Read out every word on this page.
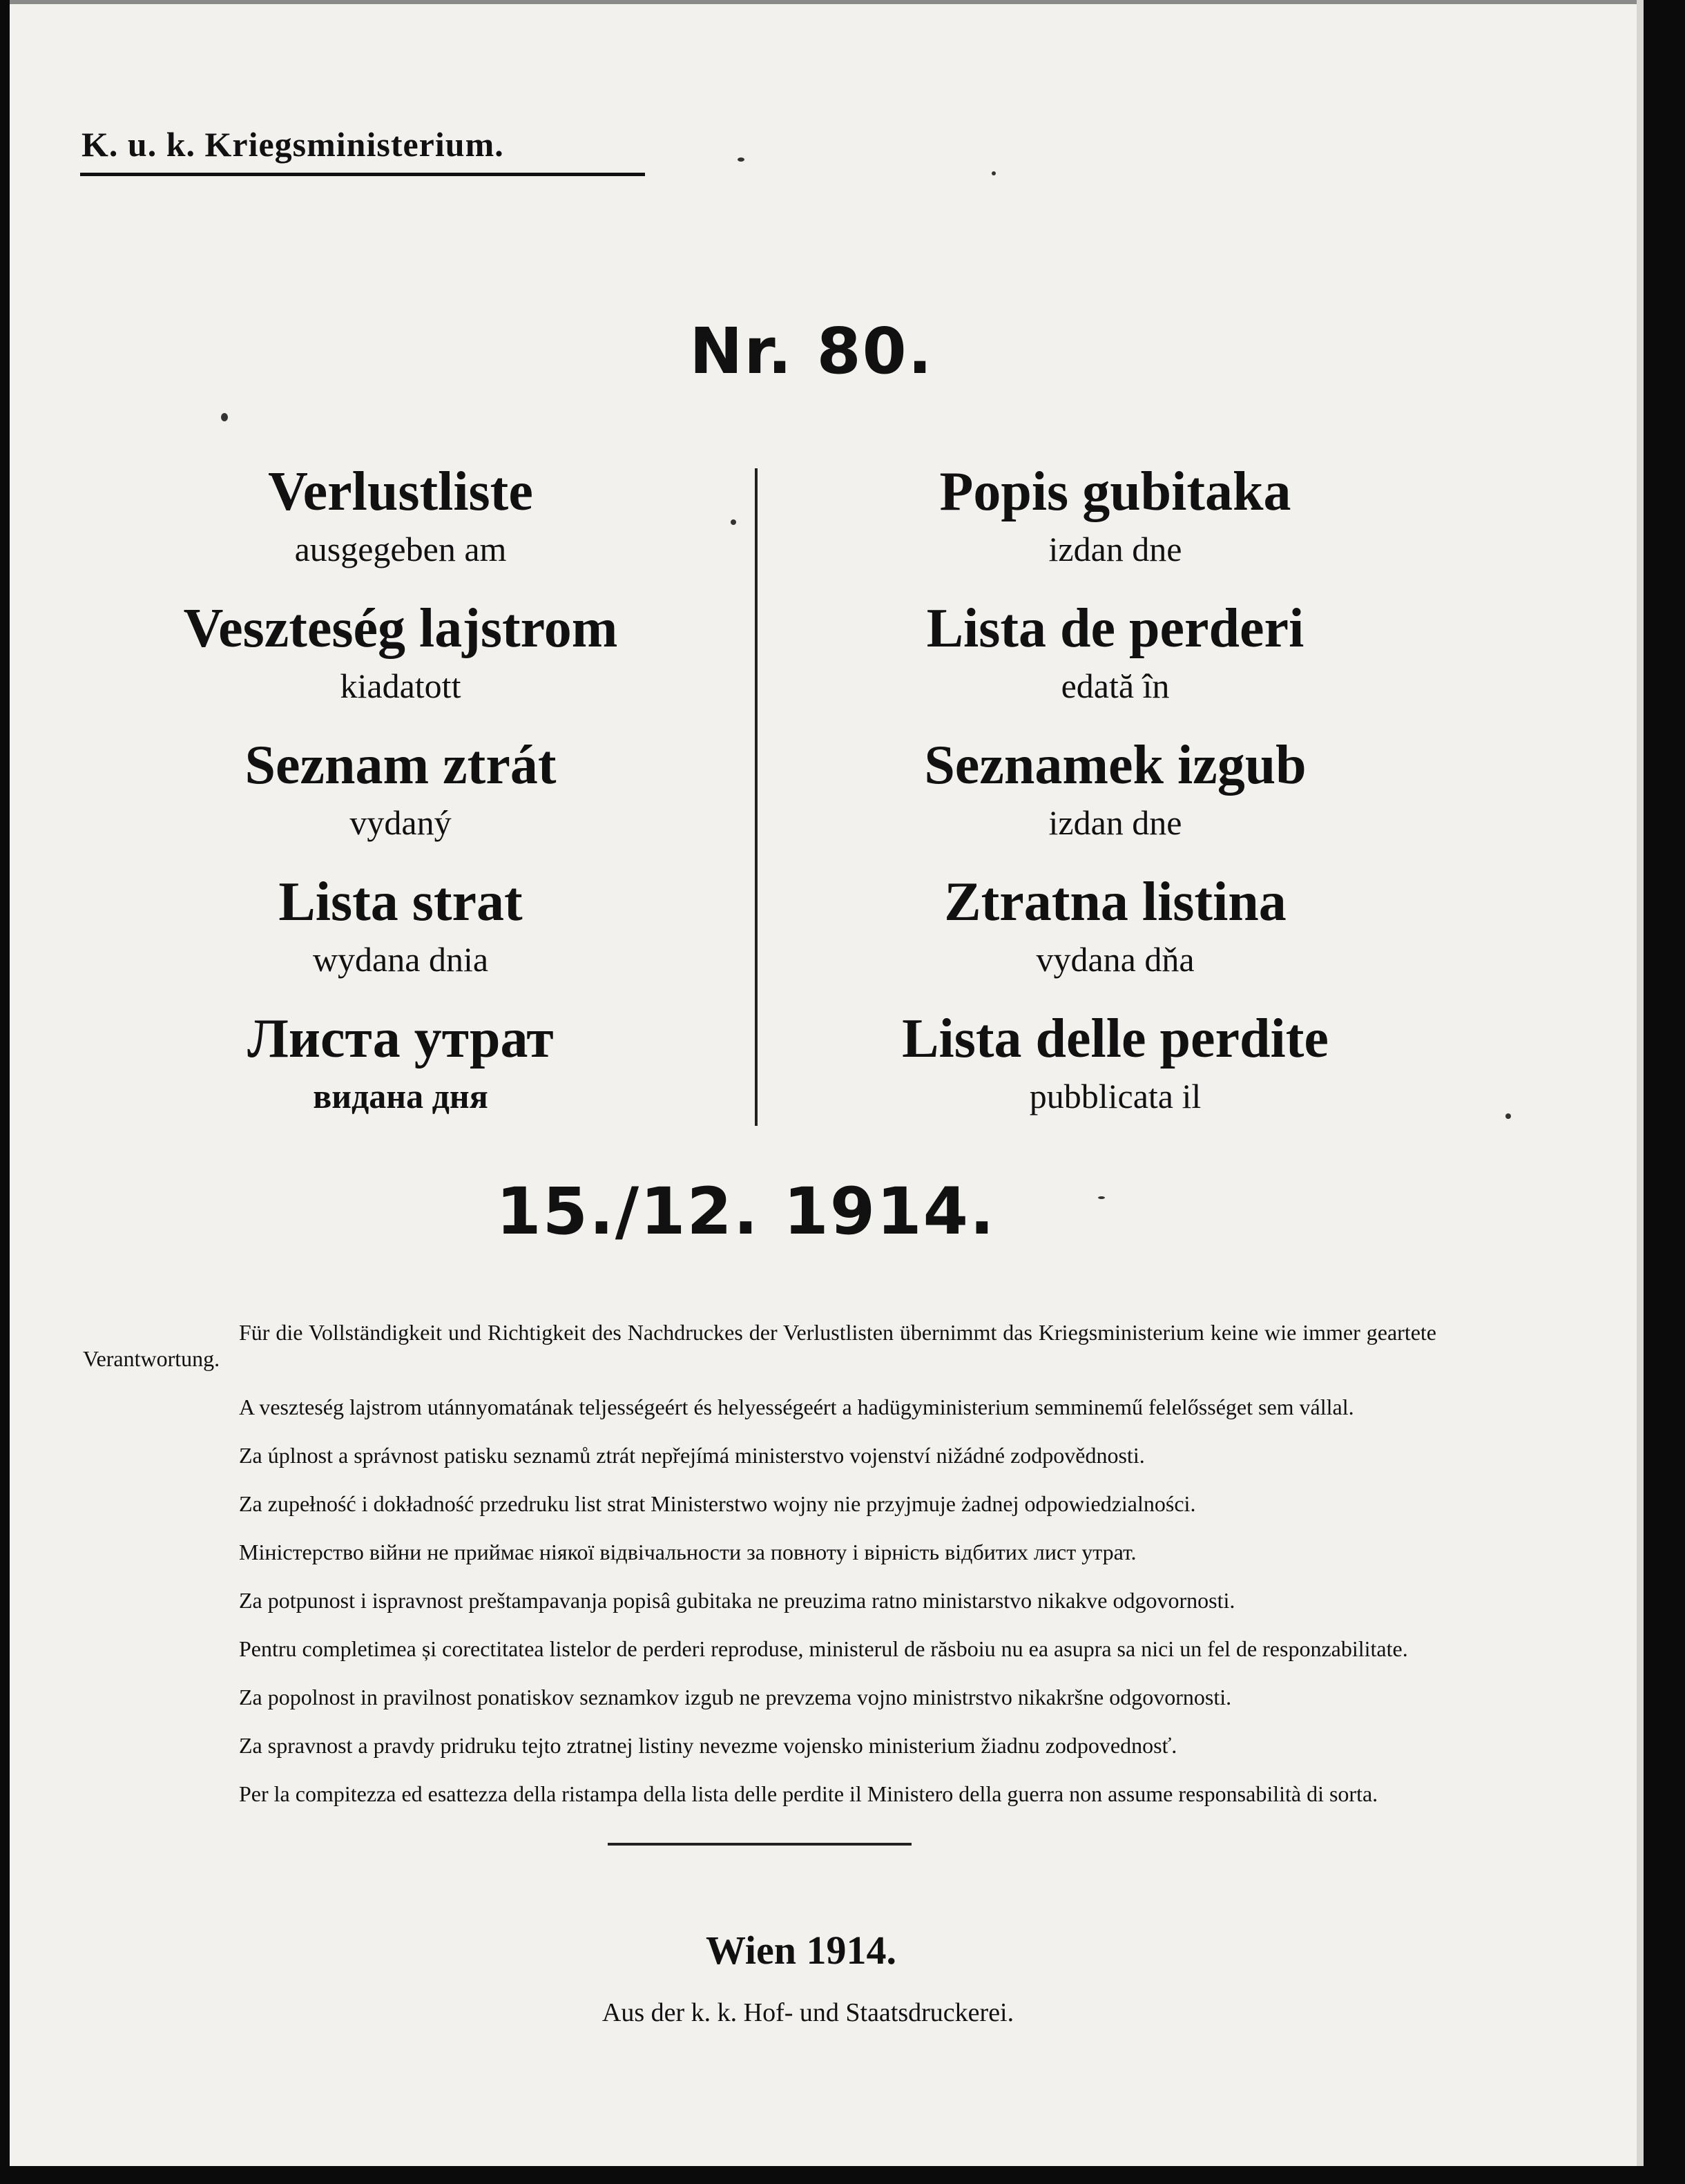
K. u. k. Kriegsministerium.
Nr. 80.
Verlustliste
ausgegeben am
Veszteség lajstrom
kiadatott
Seznam ztrát
vydaný
Lista strat
wydana dnia
Листа утрат
видана дня
Popis gubitaka
izdan dne
Lista de perderi
edată în
Seznamek izgub
izdan dne
Ztratna listina
vydana dňa
Lista delle perdite
pubblicata il
15./12. 1914.

Für die Vollständigkeit und Richtigkeit des Nachdruckes der Verlustlisten übernimmt das Kriegsministerium keine wie immer geartete Verantwortung.

A veszteség lajstrom utánnyomatának teljességeért és helyességeért a hadügyministerium semminemű felelősséget sem vállal.

Za úplnost a správnost patisku seznamů ztrát nepřejímá ministerstvo vojenství nižádné zodpovědnosti.

Za zupełność i dokładność przedruku list strat Ministerstwo wojny nie przyjmuje żadnej odpowiedzialności.

Міністерство війни не приймає ніякої відвічальности за повноту і вірність відбитих лист утрат.

Za potpunost i ispravnost preštampavanja popisâ gubitaka ne preuzima ratno ministarstvo nikakve odgovornosti.

Pentru completimea și corectitatea listelor de perderi reproduse, ministerul de răsboiu nu ea asupra sa nici un fel de responzabilitate.

Za popolnost in pravilnost ponatiskov seznamkov izgub ne prevzema vojno ministrstvo nikakršne odgovornosti.

Za spravnost a pravdy pridruku tejto ztratnej listiny nevezme vojensko ministerium žiadnu zodpovednosť.

Per la compitezza ed esattezza della ristampa della lista delle perdite il Ministero della guerra non assume responsabilità di sorta.

Wien 1914.
Aus der k. k. Hof- und Staatsdruckerei.
